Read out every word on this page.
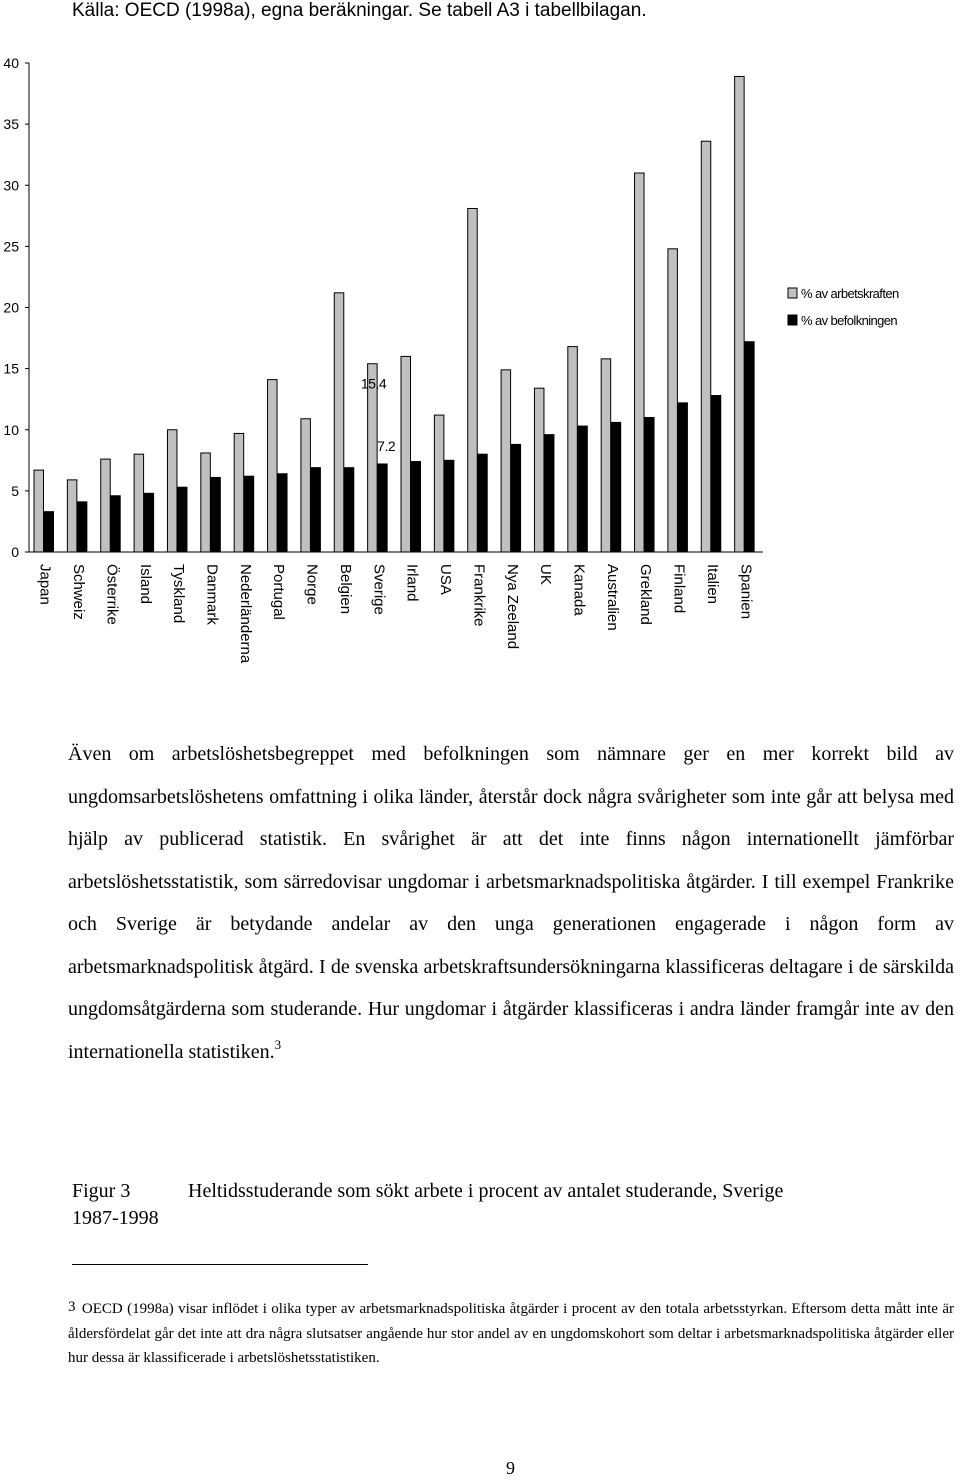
Källa: OECD (1998a), egna beräkningar. Se tabell A3 i tabellbilagan.
0
5
10
15
20
25
30
35
40
Japan Schweiz Österrike Island Tyskland Danmark Nederländerna Portugal Norge Belgien Sverige Irland USA Frankrike Nya Zeeland UK Kanada Australien Grekland Finland Italien Spanien
15.4
7.2
% av arbetskraften
% av befolkningen

Även om arbetslöshetsbegreppet med befolkningen som nämnare ger en mer korrekt bild av ungdomsarbetslöshetens omfattning i olika länder, återstår dock några svårigheter som inte går att belysa med hjälp av publicerad statistik. En svårighet är att det inte finns någon internationellt jämförbar arbetslöshetsstatistik, som särredovisar ungdomar i arbetsmarknadspolitiska åtgärder. I till exempel Frankrike och Sverige är betydande andelar av den unga generationen engagerade i någon form av arbetsmarknadspolitisk åtgärd. I de svenska arbetskraftsundersökningarna klassificeras deltagare i de särskilda ungdomsåtgärderna som studerande. Hur ungdomar i åtgärder klassificeras i andra länder framgår inte av den internationella statistiken.$^3$

Figur 3	Heltidsstuderande som sökt arbete i procent av antalet studerande, Sverige
1987-1998

3 OECD (1998a) visar inflödet i olika typer av arbetsmarknadspolitiska åtgärder i procent av den totala arbetsstyrkan. Eftersom detta mått inte är åldersfördelat går det inte att dra några slutsatser angående hur stor andel av en ungdomskohort som deltar i arbetsmarknadspolitiska åtgärder eller hur dessa är klassificerade i arbetslöshetsstatistiken.

9
